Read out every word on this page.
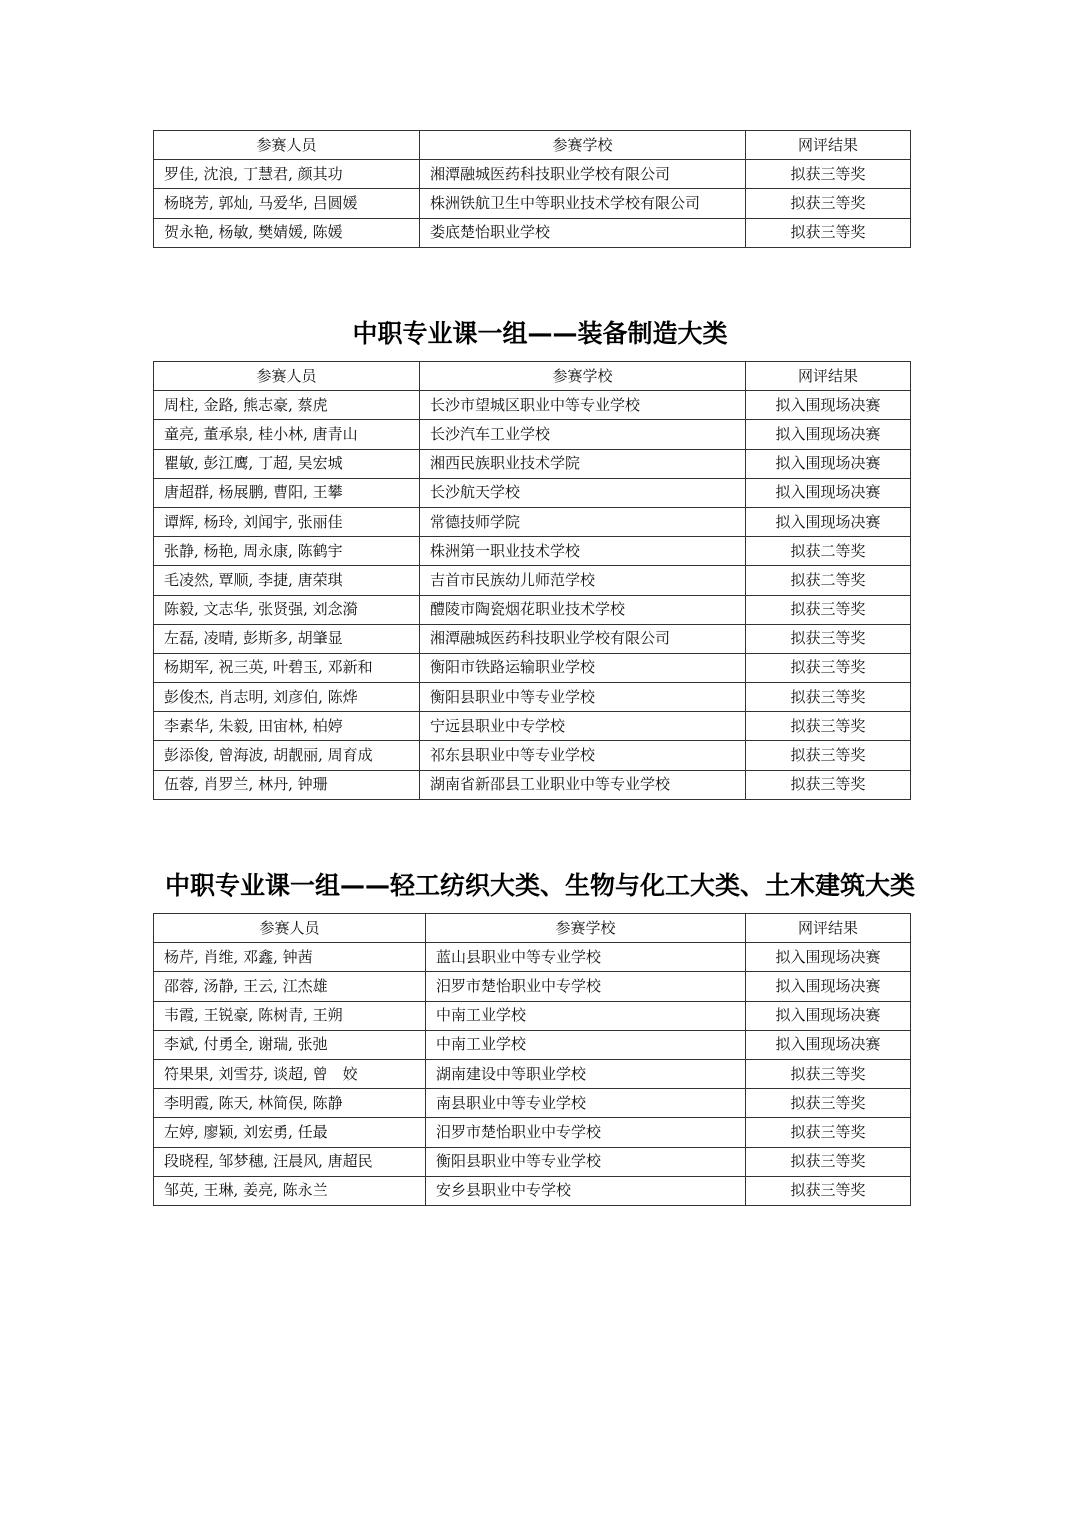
参赛人员	参赛学校	网评结果
罗佳, 沈浪, 丁慧君, 颜其功	湘潭融城医药科技职业学校有限公司	拟获三等奖
杨晓芳, 郭灿, 马爱华, 吕圆媛	株洲铁航卫生中等职业技术学校有限公司	拟获三等奖
贺永艳, 杨敏, 樊婧媛, 陈媛	娄底楚怡职业学校	拟获三等奖
中职专业课一组——装备制造大类
参赛人员	参赛学校	网评结果
周柱, 金路, 熊志豪, 蔡虎	长沙市望城区职业中等专业学校	拟入围现场决赛
童亮, 董承泉, 桂小林, 唐青山	长沙汽车工业学校	拟入围现场决赛
瞿敏, 彭江鹰, 丁超, 吴宏城	湘西民族职业技术学院	拟入围现场决赛
唐超群, 杨展鹏, 曹阳, 王攀	长沙航天学校	拟入围现场决赛
谭辉, 杨玲, 刘闻宇, 张丽佳	常德技师学院	拟入围现场决赛
张静, 杨艳, 周永康, 陈鹤宇	株洲第一职业技术学校	拟获二等奖
毛凌然, 覃顺, 李捷, 唐荣琪	吉首市民族幼儿师范学校	拟获二等奖
陈毅, 文志华, 张贤强, 刘念漪	醴陵市陶瓷烟花职业技术学校	拟获三等奖
左磊, 凌晴, 彭斯多, 胡肇显	湘潭融城医药科技职业学校有限公司	拟获三等奖
杨期军, 祝三英, 叶碧玉, 邓新和	衡阳市铁路运输职业学校	拟获三等奖
彭俊杰, 肖志明, 刘彦伯, 陈烨	衡阳县职业中等专业学校	拟获三等奖
李素华, 朱毅, 田宙林, 柏婷	宁远县职业中专学校	拟获三等奖
彭添俊, 曾海波, 胡靓丽, 周育成	祁东县职业中等专业学校	拟获三等奖
伍蓉, 肖罗兰, 林丹, 钟珊	湖南省新邵县工业职业中等专业学校	拟获三等奖
中职专业课一组——轻工纺织大类、生物与化工大类、土木建筑大类
参赛人员	参赛学校	网评结果
杨芹, 肖维, 邓鑫, 钟茜	蓝山县职业中等专业学校	拟入围现场决赛
邵蓉, 汤静, 王云, 江杰雄	汨罗市楚怡职业中专学校	拟入围现场决赛
韦霞, 王锐豪, 陈树青, 王朔	中南工业学校	拟入围现场决赛
李斌, 付勇全, 谢瑞, 张弛	中南工业学校	拟入围现场决赛
符果果, 刘雪芬, 谈超, 曾　姣	湖南建设中等职业学校	拟获三等奖
李明霞, 陈天, 林简俣, 陈静	南县职业中等专业学校	拟获三等奖
左婷, 廖颖, 刘宏勇, 任最	汨罗市楚怡职业中专学校	拟获三等奖
段晓程, 邹梦穗, 汪晨风, 唐超民	衡阳县职业中等专业学校	拟获三等奖
邹英, 王琳, 姜亮, 陈永兰	安乡县职业中专学校	拟获三等奖
